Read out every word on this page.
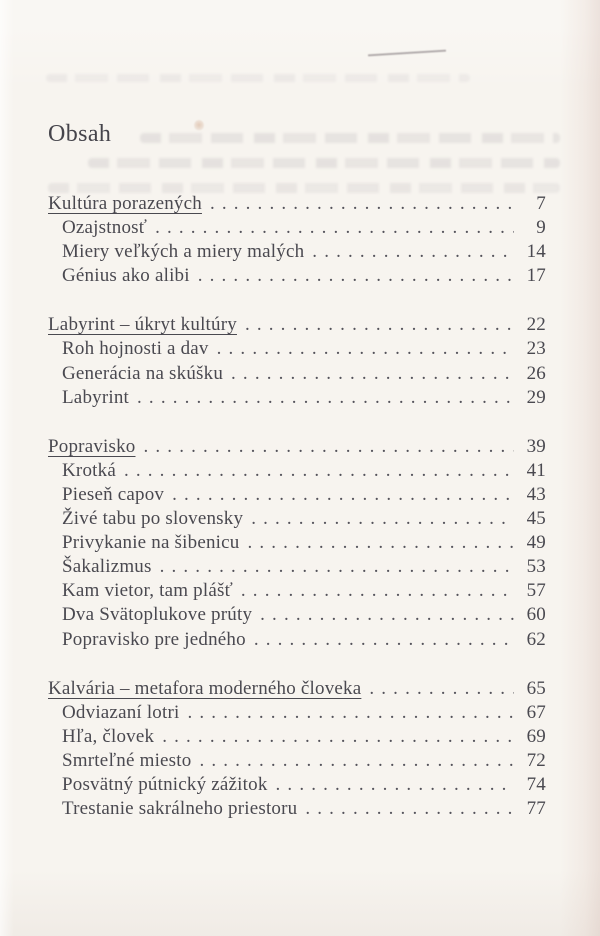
Obsah
Kultúra porazených . . .	7
Ozajstnosť . . .	9
Miery veľkých a miery malých . . .	14
Génius ako alibi . . .	17
Labyrint – úkryt kultúry . . .	22
Roh hojnosti a dav . . .	23
Generácia na skúšku . . .	26
Labyrint . . .	29
Popravisko . . .	39
Krotká . . .	41
Pieseň capov . . .	43
Živé tabu po slovensky . . .	45
Privykanie na šibenicu . . .	49
Šakalizmus . . .	53
Kam vietor, tam plášť . . .	57
Dva Svätoplukove prúty . . .	60
Popravisko pre jedného . . .	62
Kalvária – metafora moderného človeka . . .	65
Odviazaní lotri . . .	67
Hľa, človek . . .	69
Smrteľné miesto . . .	72
Posvätný pútnický zážitok . . .	74
Trestanie sakrálneho priestoru . . .	77
